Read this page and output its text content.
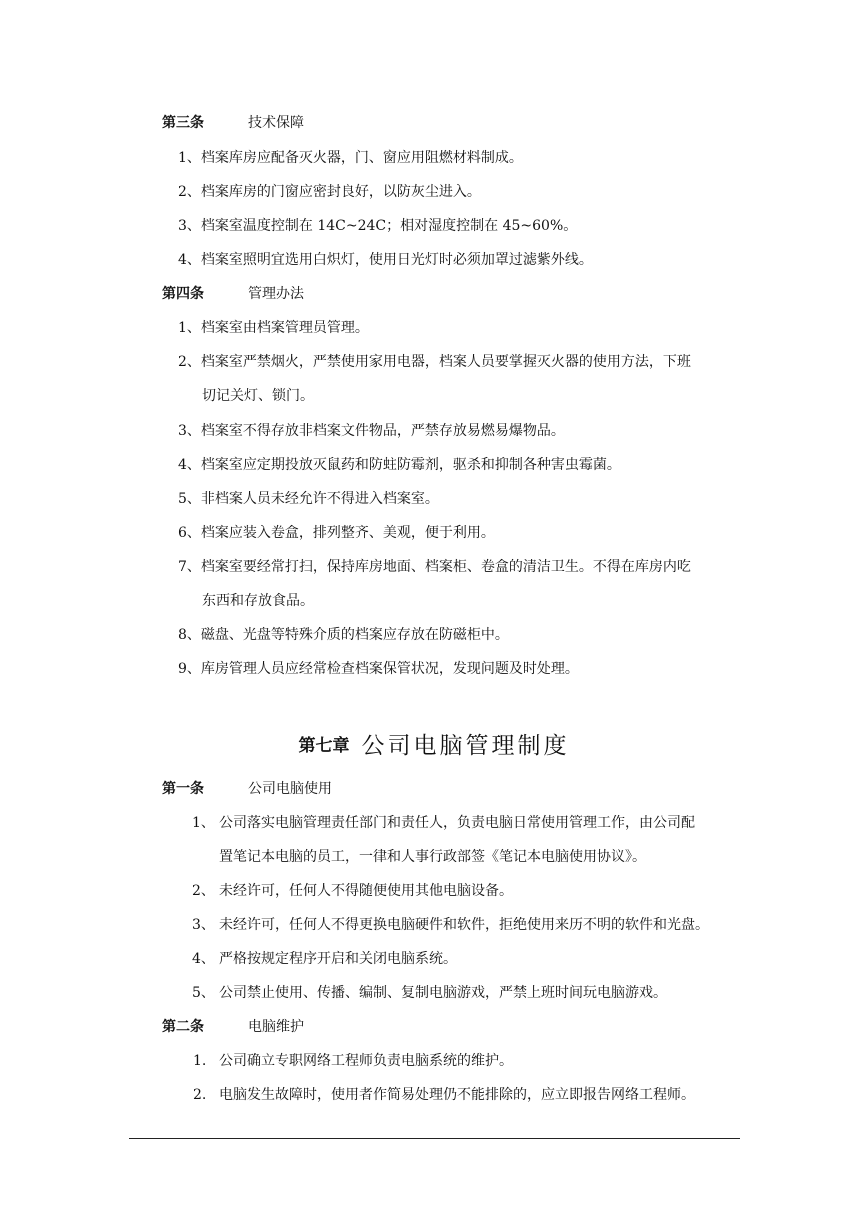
第三条	技术保障
1、档案库房应配备灭火器，门、窗应用阻燃材料制成。
2、档案库房的门窗应密封良好，以防灰尘进入。
3、档案室温度控制在 14C~24C；相对湿度控制在 45~60%。
4、档案室照明宜选用白炽灯，使用日光灯时必须加罩过滤紫外线。
第四条	管理办法
1、档案室由档案管理员管理。
2、档案室严禁烟火，严禁使用家用电器，档案人员要掌握灭火器的使用方法，下班
切记关灯、锁门。
3、档案室不得存放非档案文件物品，严禁存放易燃易爆物品。
4、档案室应定期投放灭鼠药和防蛀防霉剂，驱杀和抑制各种害虫霉菌。
5、非档案人员未经允许不得进入档案室。
6、档案应装入卷盒，排列整齐、美观，便于利用。
7、档案室要经常打扫，保持库房地面、档案柜、卷盒的清洁卫生。不得在库房内吃
东西和存放食品。
8、磁盘、光盘等特殊介质的档案应存放在防磁柜中。
9、库房管理人员应经常检查档案保管状况，发现问题及时处理。
第七章 公司电脑管理制度
第一条	公司电脑使用
1、 公司落实电脑管理责任部门和责任人，负责电脑日常使用管理工作，由公司配
置笔记本电脑的员工，一律和人事行政部签《笔记本电脑使用协议》。
2、 未经许可，任何人不得随便使用其他电脑设备。
3、 未经许可，任何人不得更换电脑硬件和软件，拒绝使用来历不明的软件和光盘。
4、 严格按规定程序开启和关闭电脑系统。
5、 公司禁止使用、传播、编制、复制电脑游戏，严禁上班时间玩电脑游戏。
第二条	电脑维护
1. 公司确立专职网络工程师负责电脑系统的维护。
2. 电脑发生故障时，使用者作简易处理仍不能排除的，应立即报告网络工程师。
